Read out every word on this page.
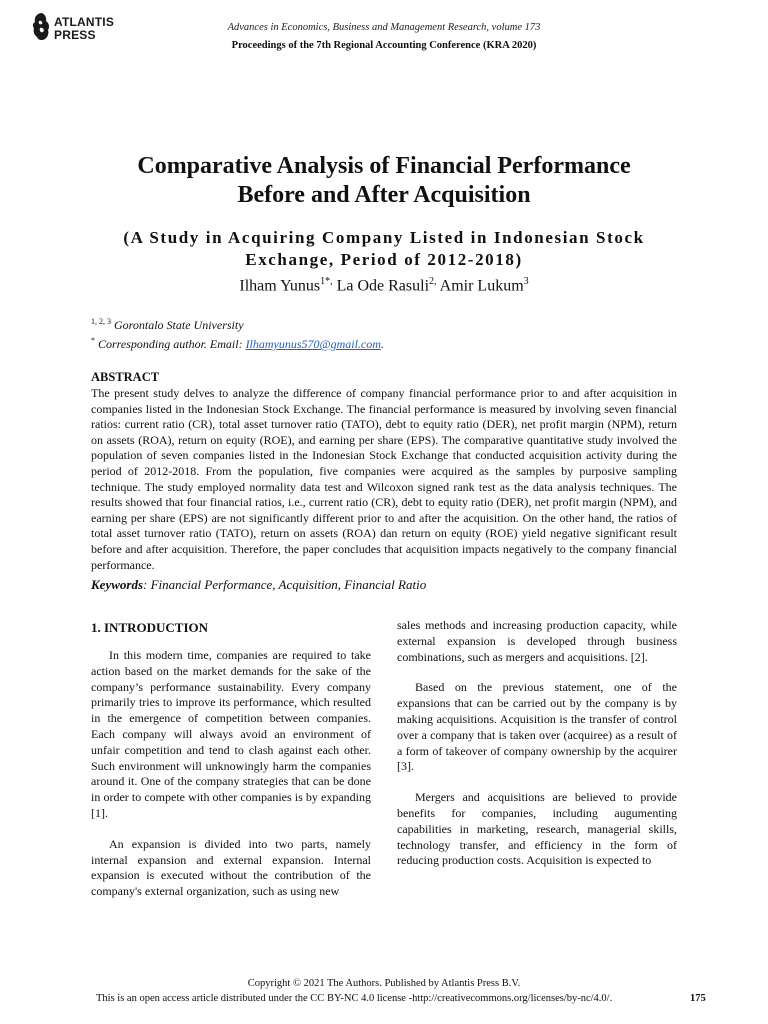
ATLANTIS
PRESS
Advances in Economics, Business and Management Research, volume 173
Proceedings of the 7th Regional Accounting Conference (KRA 2020)
Comparative Analysis of Financial Performance
Before and After Acquisition
(A Study in Acquiring Company Listed in Indonesian Stock
Exchange, Period of 2012-2018)
Ilham Yunus$^{1*,}$ La Ode Rasuli$^{2,}$ Amir Lukum$^3$
$^{1, 2, 3}$ Gorontalo State University
* Corresponding author. Email: Ilhamyunus570@gmail.com.
ABSTRACT
The present study delves to analyze the difference of company financial performance prior to and after acquisition in companies listed in the Indonesian Stock Exchange. The financial performance is measured by involving seven financial ratios: current ratio (CR), total asset turnover ratio (TATO), debt to equity ratio (DER), net profit margin (NPM), return on assets (ROA), return on equity (ROE), and earning per share (EPS). The comparative quantitative study involved the population of seven companies listed in the Indonesian Stock Exchange that conducted acquisition activity during the period of 2012-2018. From the population, five companies were acquired as the samples by purposive sampling technique. The study employed normality data test and Wilcoxon signed rank test as the data analysis techniques. The results showed that four financial ratios, i.e., current ratio (CR), debt to equity ratio (DER), net profit margin (NPM), and earning per share (EPS) are not significantly different prior to and after the acquisition. On the other hand, the ratios of total asset turnover ratio (TATO), return on assets (ROA) dan return on equity (ROE) yield negative significant result before and after acquisition. Therefore, the paper concludes that acquisition impacts negatively to the company financial performance.
Keywords: Financial Performance, Acquisition, Financial Ratio
1. INTRODUCTION

In this modern time, companies are required to take action based on the market demands for the sake of the company’s performance sustainability. Every company primarily tries to improve its performance, which resulted in the emergence of competition between companies. Each company will always avoid an environment of unfair competition and tend to clash against each other. Such environment will unknowingly harm the companies around it. One of the company strategies that can be done in order to compete with other companies is by expanding [1].

An expansion is divided into two parts, namely internal expansion and external expansion. Internal expansion is executed without the contribution of the company's external organization, such as using new

sales methods and increasing production capacity, while external expansion is developed through business combinations, such as mergers and acquisitions. [2].

Based on the previous statement, one of the expansions that can be carried out by the company is by making acquisitions. Acquisition is the transfer of control over a company that is taken over (acquiree) as a result of a form of takeover of company ownership by the acquirer [3].

Mergers and acquisitions are believed to provide benefits for companies, including augumenting capabilities in marketing, research, managerial skills, technology transfer, and efficiency in the form of reducing production costs. Acquisition is expected to

Copyright © 2021 The Authors. Published by Atlantis Press B.V.
This is an open access article distributed under the CC BY-NC 4.0 license -http://creativecommons.org/licenses/by-nc/4.0/.	175
